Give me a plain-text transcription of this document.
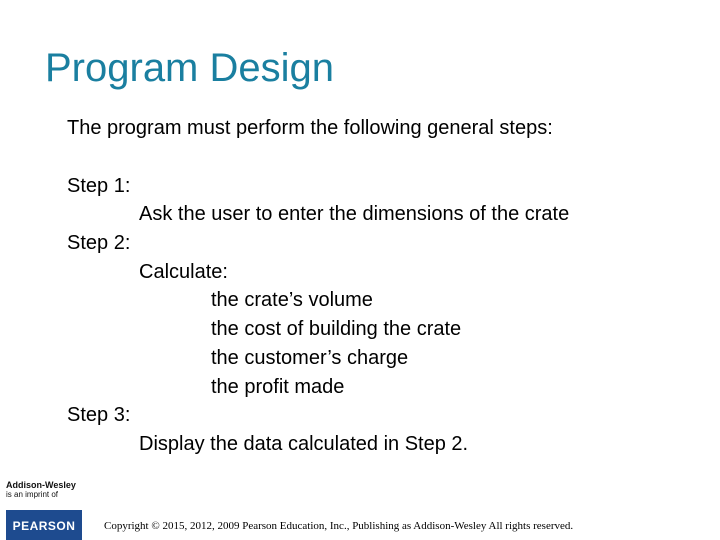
Program Design
The program must perform the following general steps:
Step 1:
Ask the user to enter the dimensions of the crate
Step 2:
Calculate:
the crate’s volume
the cost of building the crate
the customer’s charge
the profit made
Step 3:
Display the data calculated in Step 2.
Addison-Wesley
is an imprint of
PEARSON	Copyright © 2015, 2012, 2009 Pearson Education, Inc., Publishing as Addison-Wesley All rights reserved.
